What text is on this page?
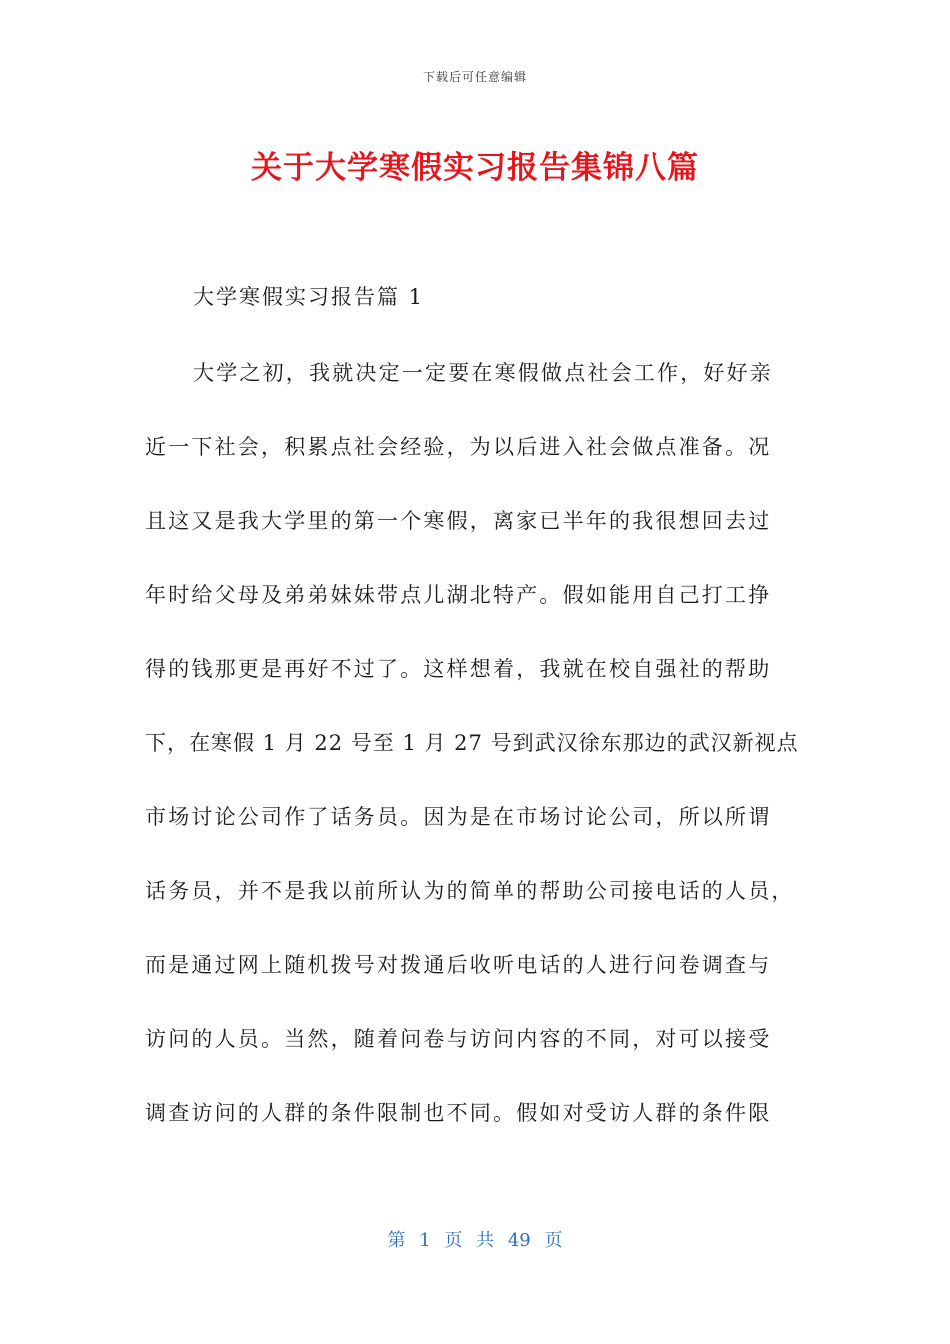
下载后可任意编辑
关于大学寒假实习报告集锦八篇
大学寒假实习报告篇 1

大学之初，我就决定一定要在寒假做点社会工作，好好亲

近一下社会，积累点社会经验，为以后进入社会做点准备。况

且这又是我大学里的第一个寒假，离家已半年的我很想回去过

年时给父母及弟弟妹妹带点儿湖北特产。假如能用自己打工挣

得的钱那更是再好不过了。这样想着，我就在校自强社的帮助

下，在寒假 1 月 22 号至 1 月 27 号到武汉徐东那边的武汉新视点

市场讨论公司作了话务员。因为是在市场讨论公司，所以所谓

话务员，并不是我以前所认为的简单的帮助公司接电话的人员，

而是通过网上随机拨号对拨通后收听电话的人进行问卷调查与

访问的人员。当然，随着问卷与访问内容的不同，对可以接受

调查访问的人群的条件限制也不同。假如对受访人群的条件限

第 1 页 共 49 页
